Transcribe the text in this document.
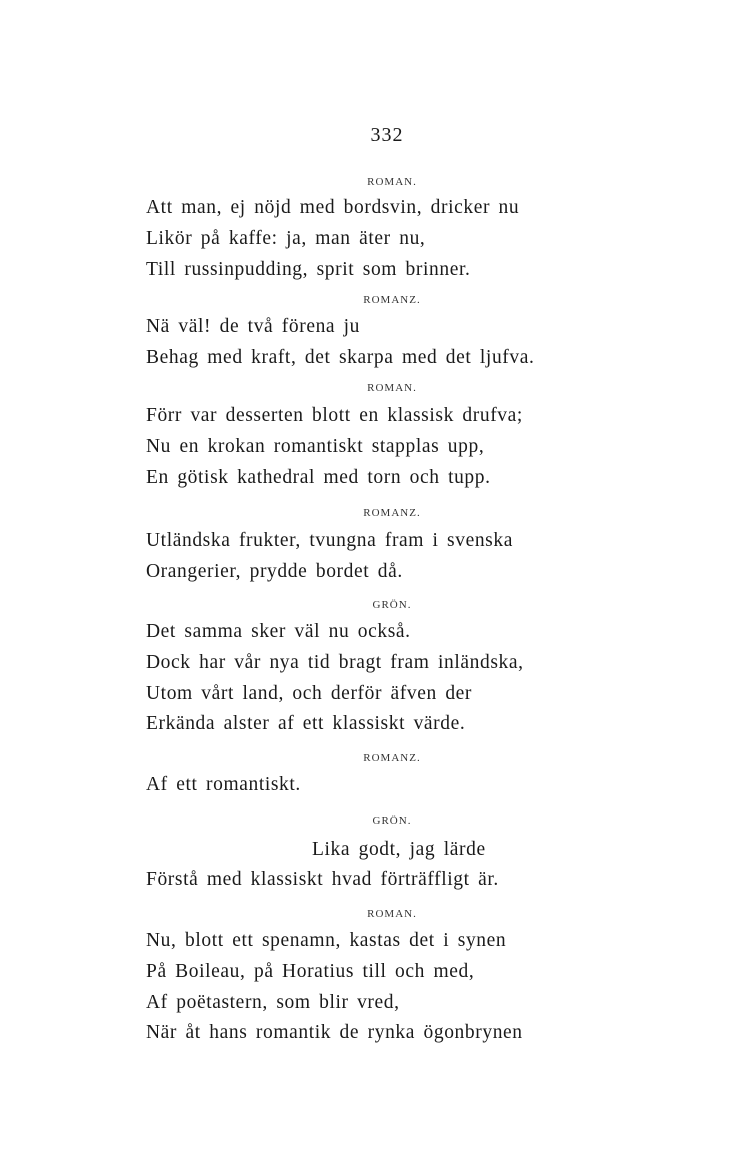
332
ROMAN.
Att man, ej nöjd med bordsvin, dricker nu
Likör på kaffe: ja, man äter nu,
Till russinpudding, sprit som brinner.
ROMANZ.
Nä väl! de två förena ju
Behag med kraft, det skarpa med det ljufva.
ROMAN.
Förr var desserten blott en klassisk drufva;
Nu en krokan romantiskt stapplas upp,
En götisk kathedral med torn och tupp.
ROMANZ.
Utländska frukter, tvungna fram i svenska
Orangerier, prydde bordet då.
GRÖN.
Det samma sker väl nu också.
Dock har vår nya tid bragt fram inländska,
Utom vårt land, och derför äfven der
Erkända alster af ett klassiskt värde.
ROMANZ.
Af ett romantiskt.
GRÖN.
Lika godt, jag lärde
Förstå med klassiskt hvad förträffligt är.
ROMAN.
Nu, blott ett spenamn, kastas det i synen
På Boileau, på Horatius till och med,
Af poëtastern, som blir vred,
När åt hans romantik de rynka ögonbrynen
